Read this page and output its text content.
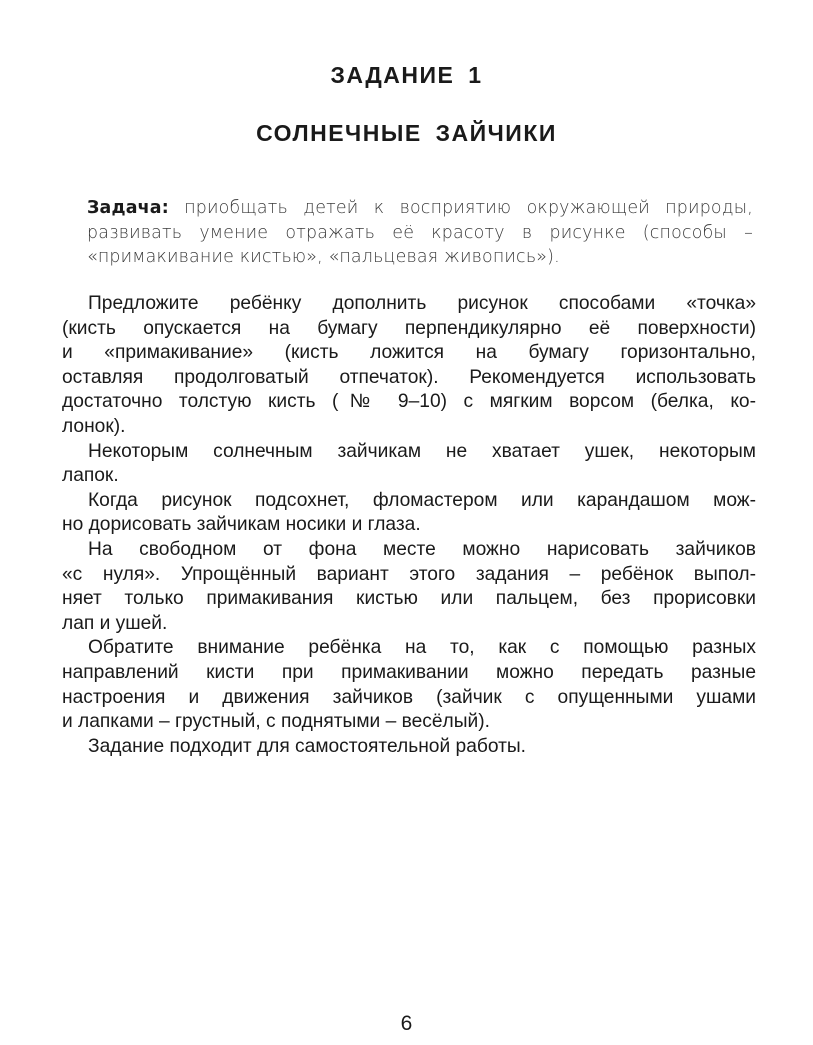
ЗАДАНИЕ 1
СОЛНЕЧНЫЕ ЗАЙЧИКИ
Задача: приобщать детей к восприятию окружающей природы,
развивать умение отражать её красоту в рисунке (способы –
«примакивание кистью», «пальцевая живопись»).
Предложите ребёнку дополнить рисунок способами «точка»
(кисть опускается на бумагу перпендикулярно её поверхности)
и «примакивание» (кисть ложится на бумагу горизонтально,
оставляя продолговатый отпечаток). Рекомендуется использовать
достаточно толстую кисть (№ 9–10) с мягким ворсом (белка, ко-
лонок).
Некоторым солнечным зайчикам не хватает ушек, некоторым
лапок.
Когда рисунок подсохнет, фломастером или карандашом мож-
но дорисовать зайчикам носики и глаза.
На свободном от фона месте можно нарисовать зайчиков
«с нуля». Упрощённый вариант этого задания – ребёнок выпол-
няет только примакивания кистью или пальцем, без прорисовки
лап и ушей.
Обратите внимание ребёнка на то, как с помощью разных
направлений кисти при примакивании можно передать разные
настроения и движения зайчиков (зайчик с опущенными ушами
и лапками – грустный, с поднятыми – весёлый).
Задание подходит для самостоятельной работы.
6
